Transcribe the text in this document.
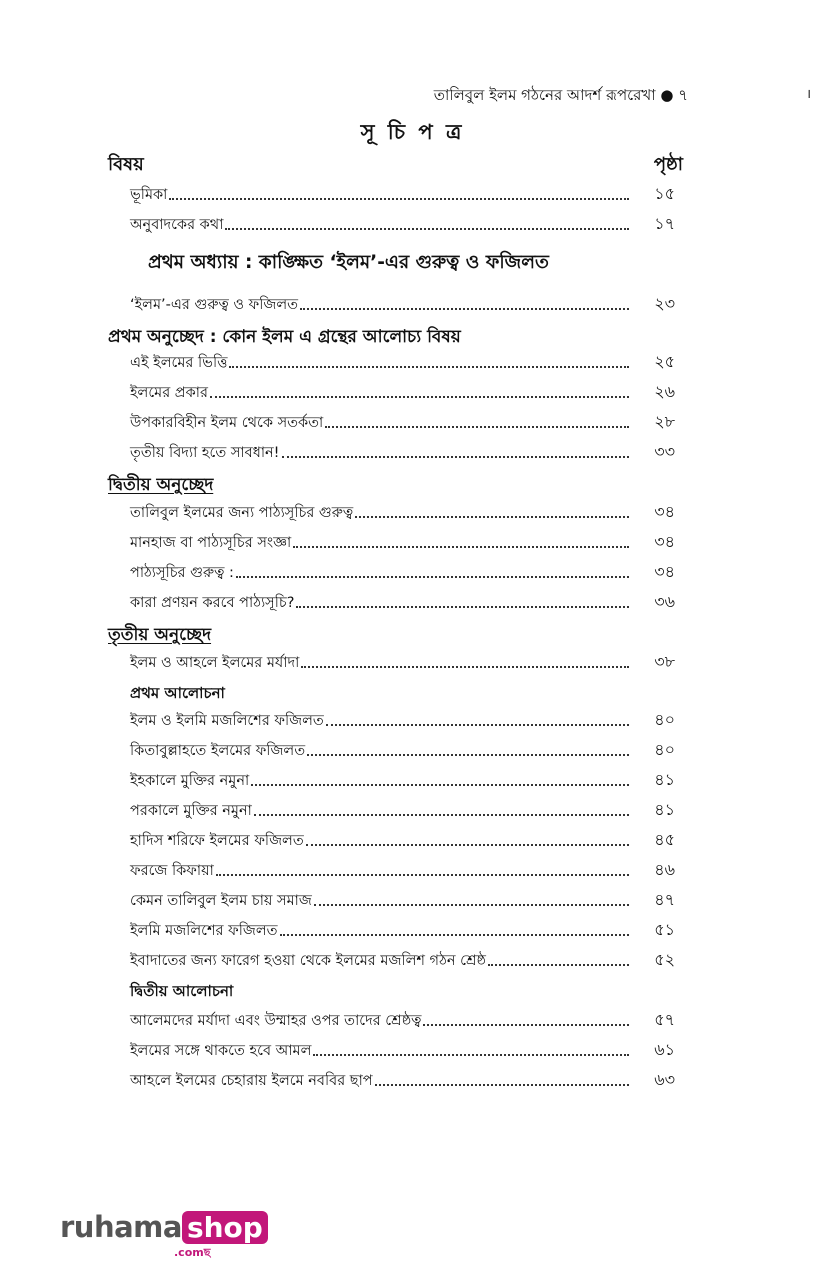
তালিবুল ইলম গঠনের আদর্শ রূপরেখা ● ৭	।
সূ চি প ত্র
বিষয়	পৃষ্ঠা
ভূমিকা	১৫
অনুবাদকের কথা	১৭
প্রথম অধ্যায় : কাঙ্ক্ষিত ‘ইলম’-এর গুরুত্ব ও ফজিলত
‘ইলম’-এর গুরুত্ব ও ফজিলত	২৩
প্রথম অনুচ্ছেদ : কোন ইলম এ গ্রন্থের আলোচ্য বিষয়
এই ইলমের ভিত্তি	২৫
ইলমের প্রকার	২৬
উপকারবিহীন ইলম থেকে সতর্কতা	২৮
তৃতীয় বিদ্যা হতে সাবধান!	৩৩
দ্বিতীয় অনুচ্ছেদ
তালিবুল ইলমের জন্য পাঠ্যসূচির গুরুত্ব	৩৪
মানহাজ বা পাঠ্যসূচির সংজ্ঞা	৩৪
পাঠ্যসূচির গুরুত্ব :	৩৪
কারা প্রণয়ন করবে পাঠ্যসূচি?	৩৬
তৃতীয় অনুচ্ছেদ
ইলম ও আহলে ইলমের মর্যাদা	৩৮
প্রথম আলোচনা
ইলম ও ইলমি মজলিশের ফজিলত	৪০
কিতাবুল্লাহতে ইলমের ফজিলত	৪০
ইহকালে মুক্তির নমুনা	৪১
পরকালে মুক্তির নমুনা	৪১
হাদিস শরিফে ইলমের ফজিলত	৪৫
ফরজে কিফায়া	৪৬
কেমন তালিবুল ইলম চায় সমাজ	৪৭
ইলমি মজলিশের ফজিলত	৫১
ইবাদাতের জন্য ফারেগ হওয়া থেকে ইলমের মজলিশ গঠন শ্রেষ্ঠ	৫২
দ্বিতীয় আলোচনা
আলেমদের মর্যাদা এবং উম্মাহর ওপর তাদের শ্রেষ্ঠত্ব	৫৭
ইলমের সঙ্গে থাকতে হবে আমল	৬১
আহলে ইলমের চেহারায় ইলমে নববির ছাপ	৬৩
ruhama shop
.comছ
